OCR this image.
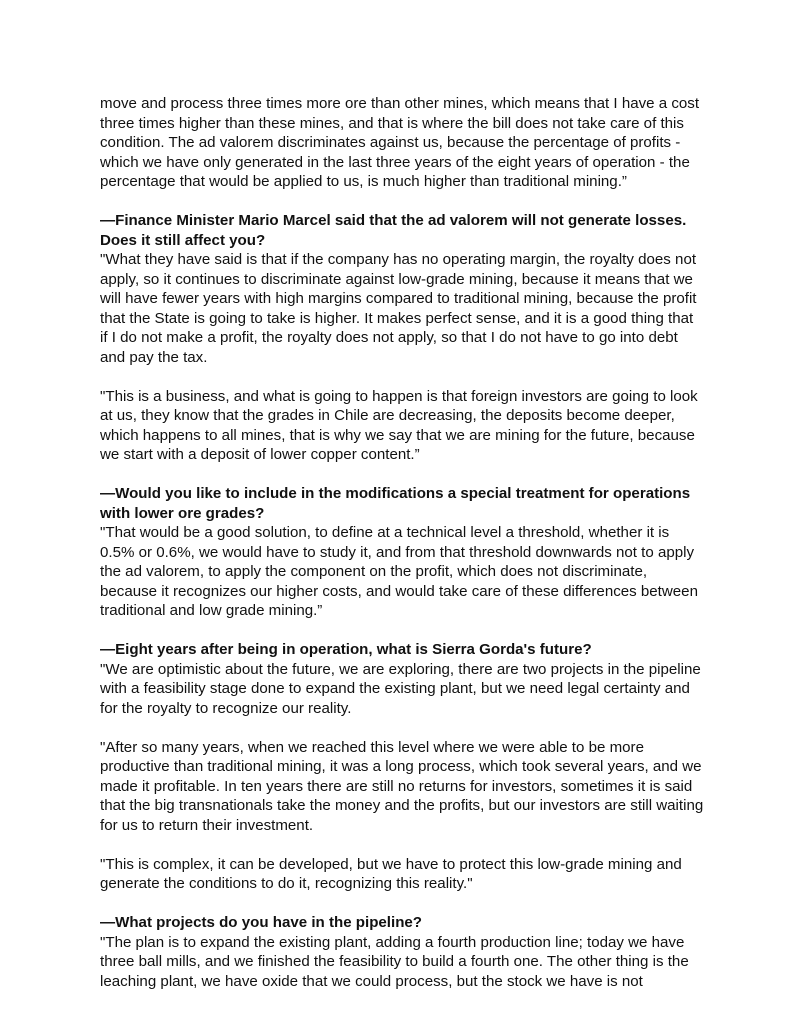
move and process three times more ore than other mines, which means that I have a cost three times higher than these mines, and that is where the bill does not take care of this condition. The ad valorem discriminates against us, because the percentage of profits - which we have only generated in the last three years of the eight years of operation - the percentage that would be applied to us, is much higher than traditional mining.”

—Finance Minister Mario Marcel said that the ad valorem will not generate losses. Does it still affect you?

"What they have said is that if the company has no operating margin, the royalty does not apply, so it continues to discriminate against low-grade mining, because it means that we will have fewer years with high margins compared to traditional mining, because the profit that the State is going to take is higher. It makes perfect sense, and it is a good thing that if I do not make a profit, the royalty does not apply, so that I do not have to go into debt and pay the tax.

"This is a business, and what is going to happen is that foreign investors are going to look at us, they know that the grades in Chile are decreasing, the deposits become deeper, which happens to all mines, that is why we say that we are mining for the future, because we start with a deposit of lower copper content.”

—Would you like to include in the modifications a special treatment for operations with lower ore grades?

"That would be a good solution, to define at a technical level a threshold, whether it is 0.5% or 0.6%, we would have to study it, and from that threshold downwards not to apply the ad valorem, to apply the component on the profit, which does not discriminate, because it recognizes our higher costs, and would take care of these differences between traditional and low grade mining.”

—Eight years after being in operation, what is Sierra Gorda's future?

"We are optimistic about the future, we are exploring, there are two projects in the pipeline with a feasibility stage done to expand the existing plant, but we need legal certainty and for the royalty to recognize our reality.

"After so many years, when we reached this level where we were able to be more productive than traditional mining, it was a long process, which took several years, and we made it profitable. In ten years there are still no returns for investors, sometimes it is said that the big transnationals take the money and the profits, but our investors are still waiting for us to return their investment.

"This is complex, it can be developed, but we have to protect this low-grade mining and generate the conditions to do it, recognizing this reality."

—What projects do you have in the pipeline?

"The plan is to expand the existing plant, adding a fourth production line; today we have three ball mills, and we finished the feasibility to build a fourth one. The other thing is the leaching plant, we have oxide that we could process, but the stock we have is not
